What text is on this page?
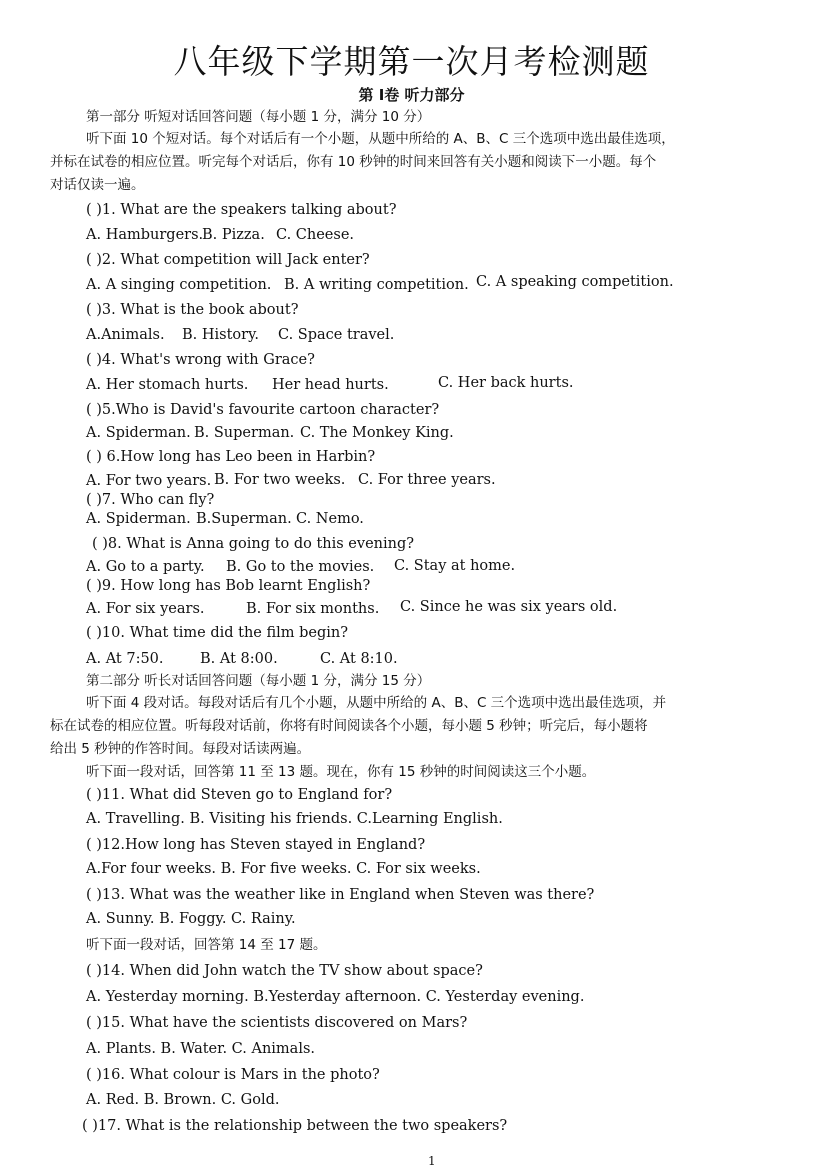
八年级下学期第一次月考检测题
第 I卷 听力部分
第一部分 听短对话回答问题（每小题 1 分，满分 10 分）
听下面 10 个短对话。每个对话后有一个小题，从题中所给的 A、B、C 三个选项中选出最佳选项，
并标在试卷的相应位置。听完每个对话后，你有 10 秒钟的时间来回答有关小题和阅读下一小题。每个
对话仅读一遍。
( )1. What are the speakers talking about?
A. Hamburgers.
B. Pizza. C. Cheese.
( )2. What competition will Jack enter?
A. A singing competition. B. A writing competition. C. A speaking competition.
( )3. What is the book about?
A.Animals. B. History. C. Space travel.
( )4. What's wrong with Grace?
A. Her stomach hurts. Her head hurts.	C. Her back hurts.
( )5.Who is David's favourite cartoon character?
A. Spiderman. B. Superman. C. The Monkey King.
( ) 6.How long has Leo been in Harbin?
A. For two years. B. For two weeks. C. For three years.
( )7. Who can fly?
A. Spiderman. B.Superman. C. Nemo.
( )8. What is Anna going to do this evening?
A. Go to a party. B. Go to the movies. C. Stay at home.
( )9. How long has Bob learnt English?
A. For six years.	B. For six months. C. Since he was six years old.
( )10. What time did the film begin?
A. At 7:50.	B. At 8:00.	C. At 8:10.
第二部分 听长对话回答问题（每小题 1 分，满分 15 分）
听下面 4 段对话。每段对话后有几个小题，从题中所给的 A、B、C 三个选项中选出最佳选项，并
标在试卷的相应位置。听每段对话前，你将有时间阅读各个小题，每小题 5 秒钟；听完后，每小题将
给出 5 秒钟的作答时间。每段对话读两遍。
听下面一段对话，回答第 11 至 13 题。现在，你有 15 秒钟的时间阅读这三个小题。
( )11. What did Steven go to England for?
A. Travelling. B. Visiting his friends. C.Learning English.
( )12.How long has Steven stayed in England?
A.For four weeks. B. For five weeks. C. For six weeks.
( )13. What was the weather like in England when Steven was there?
A. Sunny. B. Foggy. C. Rainy.
听下面一段对话，回答第 14 至 17 题。
( )14. When did John watch the TV show about space?
A. Yesterday morning. B.Yesterday afternoon. C. Yesterday evening.
( )15. What have the scientists discovered on Mars?
A. Plants. B. Water. C. Animals.
( )16. What colour is Mars in the photo?
A. Red. B. Brown. C. Gold.
( )17. What is the relationship between the two speakers?
1
